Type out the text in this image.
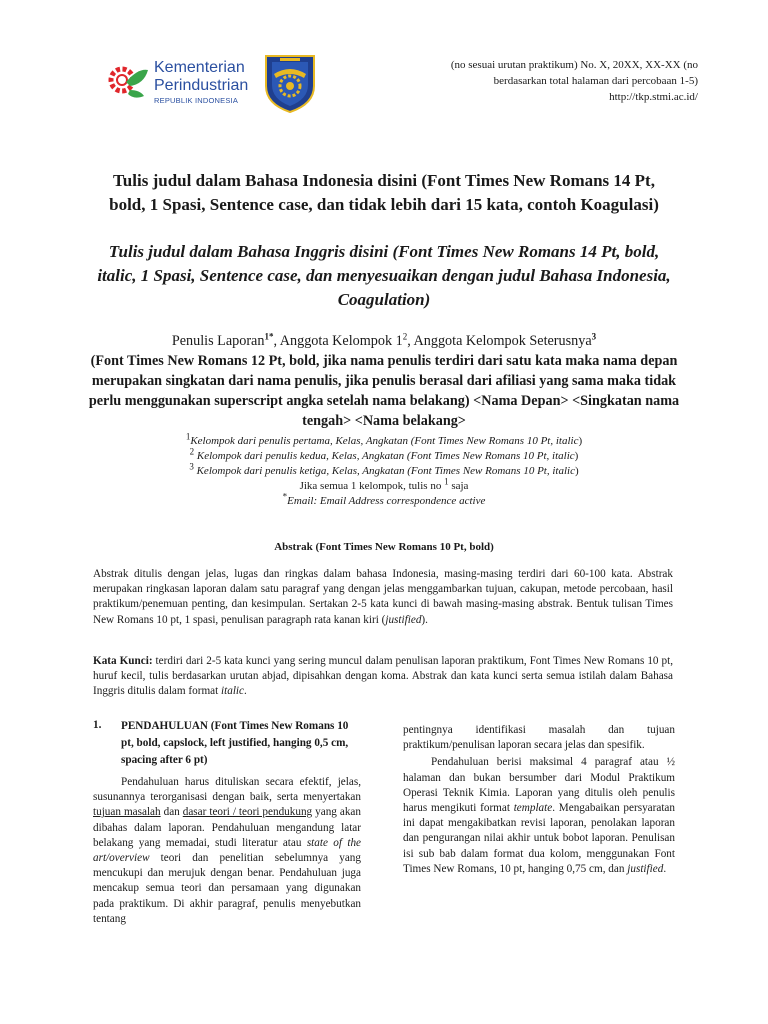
Kementerian
Perindustrian
REPUBLIK INDONESIA
(no sesuai urutan praktikum) No. X, 20XX, XX-XX (no
berdasarkan total halaman dari percobaan 1-5)
http://tkp.stmi.ac.id/
Tulis judul dalam Bahasa Indonesia disini (Font Times New Romans 14 Pt, bold, 1 Spasi, Sentence case, dan tidak lebih dari 15 kata, contoh Koagulasi)
Tulis judul dalam Bahasa Inggris disini (Font Times New Romans 14 Pt, bold, italic, 1 Spasi, Sentence case, dan menyesuaikan dengan judul Bahasa Indonesia, Coagulation)
Penulis Laporan$^{1*}$, Anggota Kelompok $1^2$, Anggota Kelompok Seterusnya$^3$
(Font Times New Romans 12 Pt, bold, jika nama penulis terdiri dari satu kata maka nama depan merupakan singkatan dari nama penulis, jika penulis berasal dari afiliasi yang sama maka tidak perlu menggunakan superscript angka setelah nama belakang) <Nama Depan> <Singkatan nama tengah> <Nama belakang>
$^1$Kelompok dari penulis pertama, Kelas, Angkatan (Font Times New Romans 10 Pt, italic)
$^2$ Kelompok dari penulis kedua, Kelas, Angkatan (Font Times New Romans 10 Pt, italic)
$^3$ Kelompok dari penulis ketiga, Kelas, Angkatan (Font Times New Romans 10 Pt, italic)
Jika semua 1 kelompok, tulis no $^1$ saja
*Email: Email Address correspondence active
Abstrak (Font Times New Romans 10 Pt, bold)
Abstrak ditulis dengan jelas, lugas dan ringkas dalam bahasa Indonesia, masing-masing terdiri dari 60-100 kata. Abstrak merupakan ringkasan laporan dalam satu paragraf yang dengan jelas menggambarkan tujuan, cakupan, metode percobaan, hasil praktikum/penemuan penting, dan kesimpulan. Sertakan 2-5 kata kunci di bawah masing-masing abstrak. Bentuk tulisan Times New Romans 10 pt, 1 spasi, penulisan paragraph rata kanan kiri (justified).
Kata Kunci: terdiri dari 2-5 kata kunci yang sering muncul dalam penulisan laporan praktikum, Font Times New Romans 10 pt, huruf kecil, tulis berdasarkan urutan abjad, dipisahkan dengan koma. Abstrak dan kata kunci serta semua istilah dalam Bahasa Inggris ditulis dalam format italic.
1.	PENDAHULUAN (Font Times New Romans 10 pt, bold, capslock, left justified, hanging 0,5 cm, spacing after 6 pt)

Pendahuluan harus dituliskan secara efektif, jelas, susunannya terorganisasi dengan baik, serta menyertakan tujuan masalah dan dasar teori / teori pendukung yang akan dibahas dalam laporan. Pendahuluan mengandung latar belakang yang memadai, studi literatur atau state of the art/overview teori dan penelitian sebelumnya yang mencukupi dan merujuk dengan benar. Pendahuluan juga mencakup semua teori dan persamaan yang digunakan pada praktikum. Di akhir paragraf, penulis menyebutkan tentang

pentingnya identifikasi masalah dan tujuan praktikum/penulisan laporan secara jelas dan spesifik.

Pendahuluan berisi maksimal 4 paragraf atau ½ halaman dan bukan bersumber dari Modul Praktikum Operasi Teknik Kimia. Laporan yang ditulis oleh penulis harus mengikuti format template. Mengabaikan persyaratan ini dapat mengakibatkan revisi laporan, penolakan laporan dan pengurangan nilai akhir untuk bobot laporan. Penulisan isi sub bab dalam format dua kolom, menggunakan Font Times New Romans, 10 pt, hanging 0,75 cm, dan justified.
